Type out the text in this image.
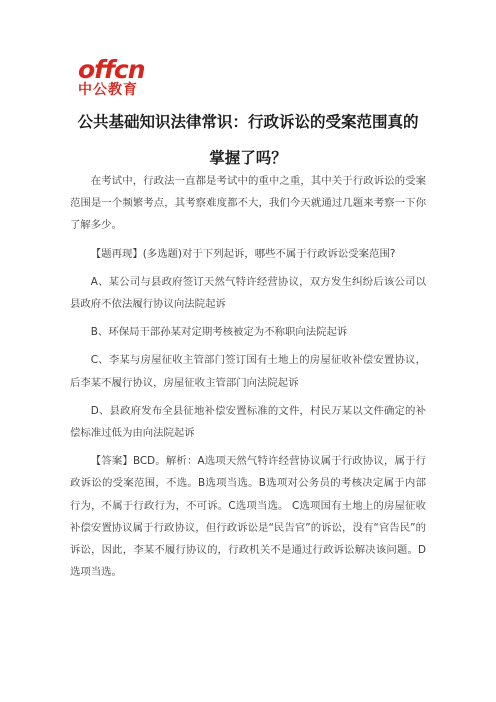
offcn
中公教育
公共基础知识法律常识：行政诉讼的受案范围真的掌握了吗？

在考试中，行政法一直都是考试中的重中之重，其中关于行政诉讼的受案范围是一个频繁考点，其考察难度都不大，我们今天就通过几题来考察一下你了解多少。

【题再现】(多选题)对于下列起诉，哪些不属于行政诉讼受案范围?

A、某公司与县政府签订天然气特许经营协议，双方发生纠纷后该公司以县政府不依法履行协议向法院起诉

B、环保局干部孙某对定期考核被定为不称职向法院起诉

C、李某与房屋征收主管部门签订国有土地上的房屋征收补偿安置协议，后李某不履行协议，房屋征收主管部门向法院起诉

D、县政府发布全县征地补偿安置标准的文件，村民万某以文件确定的补偿标准过低为由向法院起诉

【答案】BCD。解析：A选项天然气特许经营协议属于行政协议，属于行政诉讼的受案范围，不选。B选项当选。B选项对公务员的考核决定属于内部行为，不属于行政行为，不可诉。C选项当选。 C选项国有土地上的房屋征收补偿安置协议属于行政协议，但行政诉讼是“民告官”的诉讼，没有“官告民”的诉讼，因此，李某不履行协议的，行政机关不是通过行政诉讼解决该问题。D选项当选。
